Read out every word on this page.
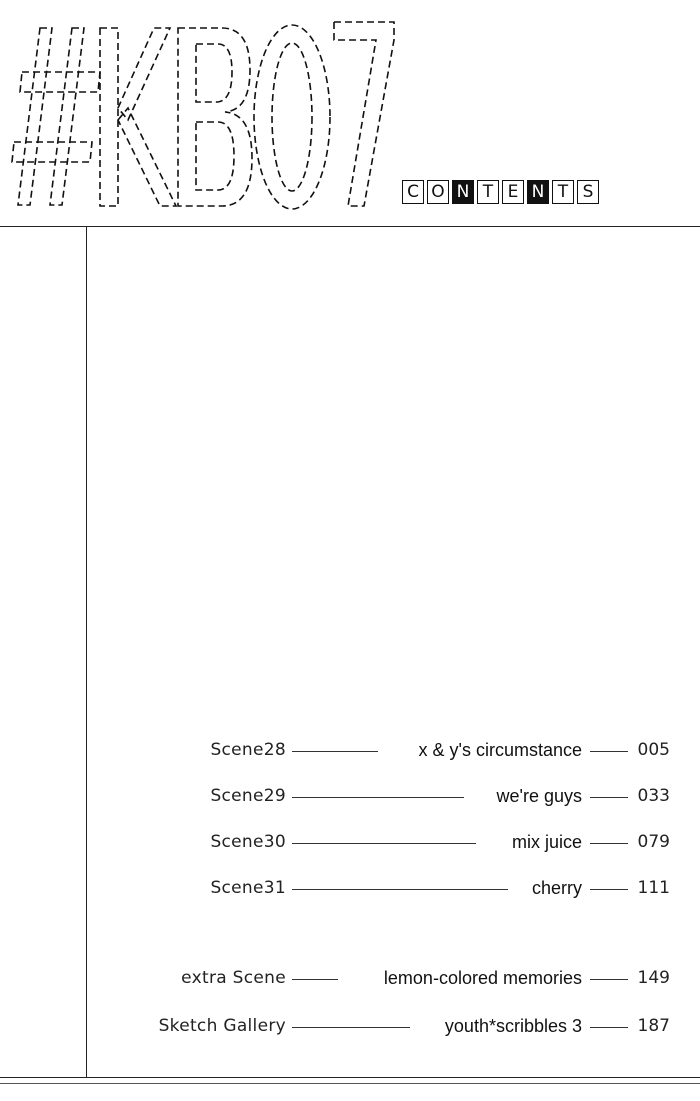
C O N T E N T S
Scene28	x & y's circumstance	005
Scene29	we're guys	033
Scene30	mix juice	079
Scene31	cherry	111
extra Scene	lemon-colored memories	149
Sketch Gallery	youth*scribbles 3	187
